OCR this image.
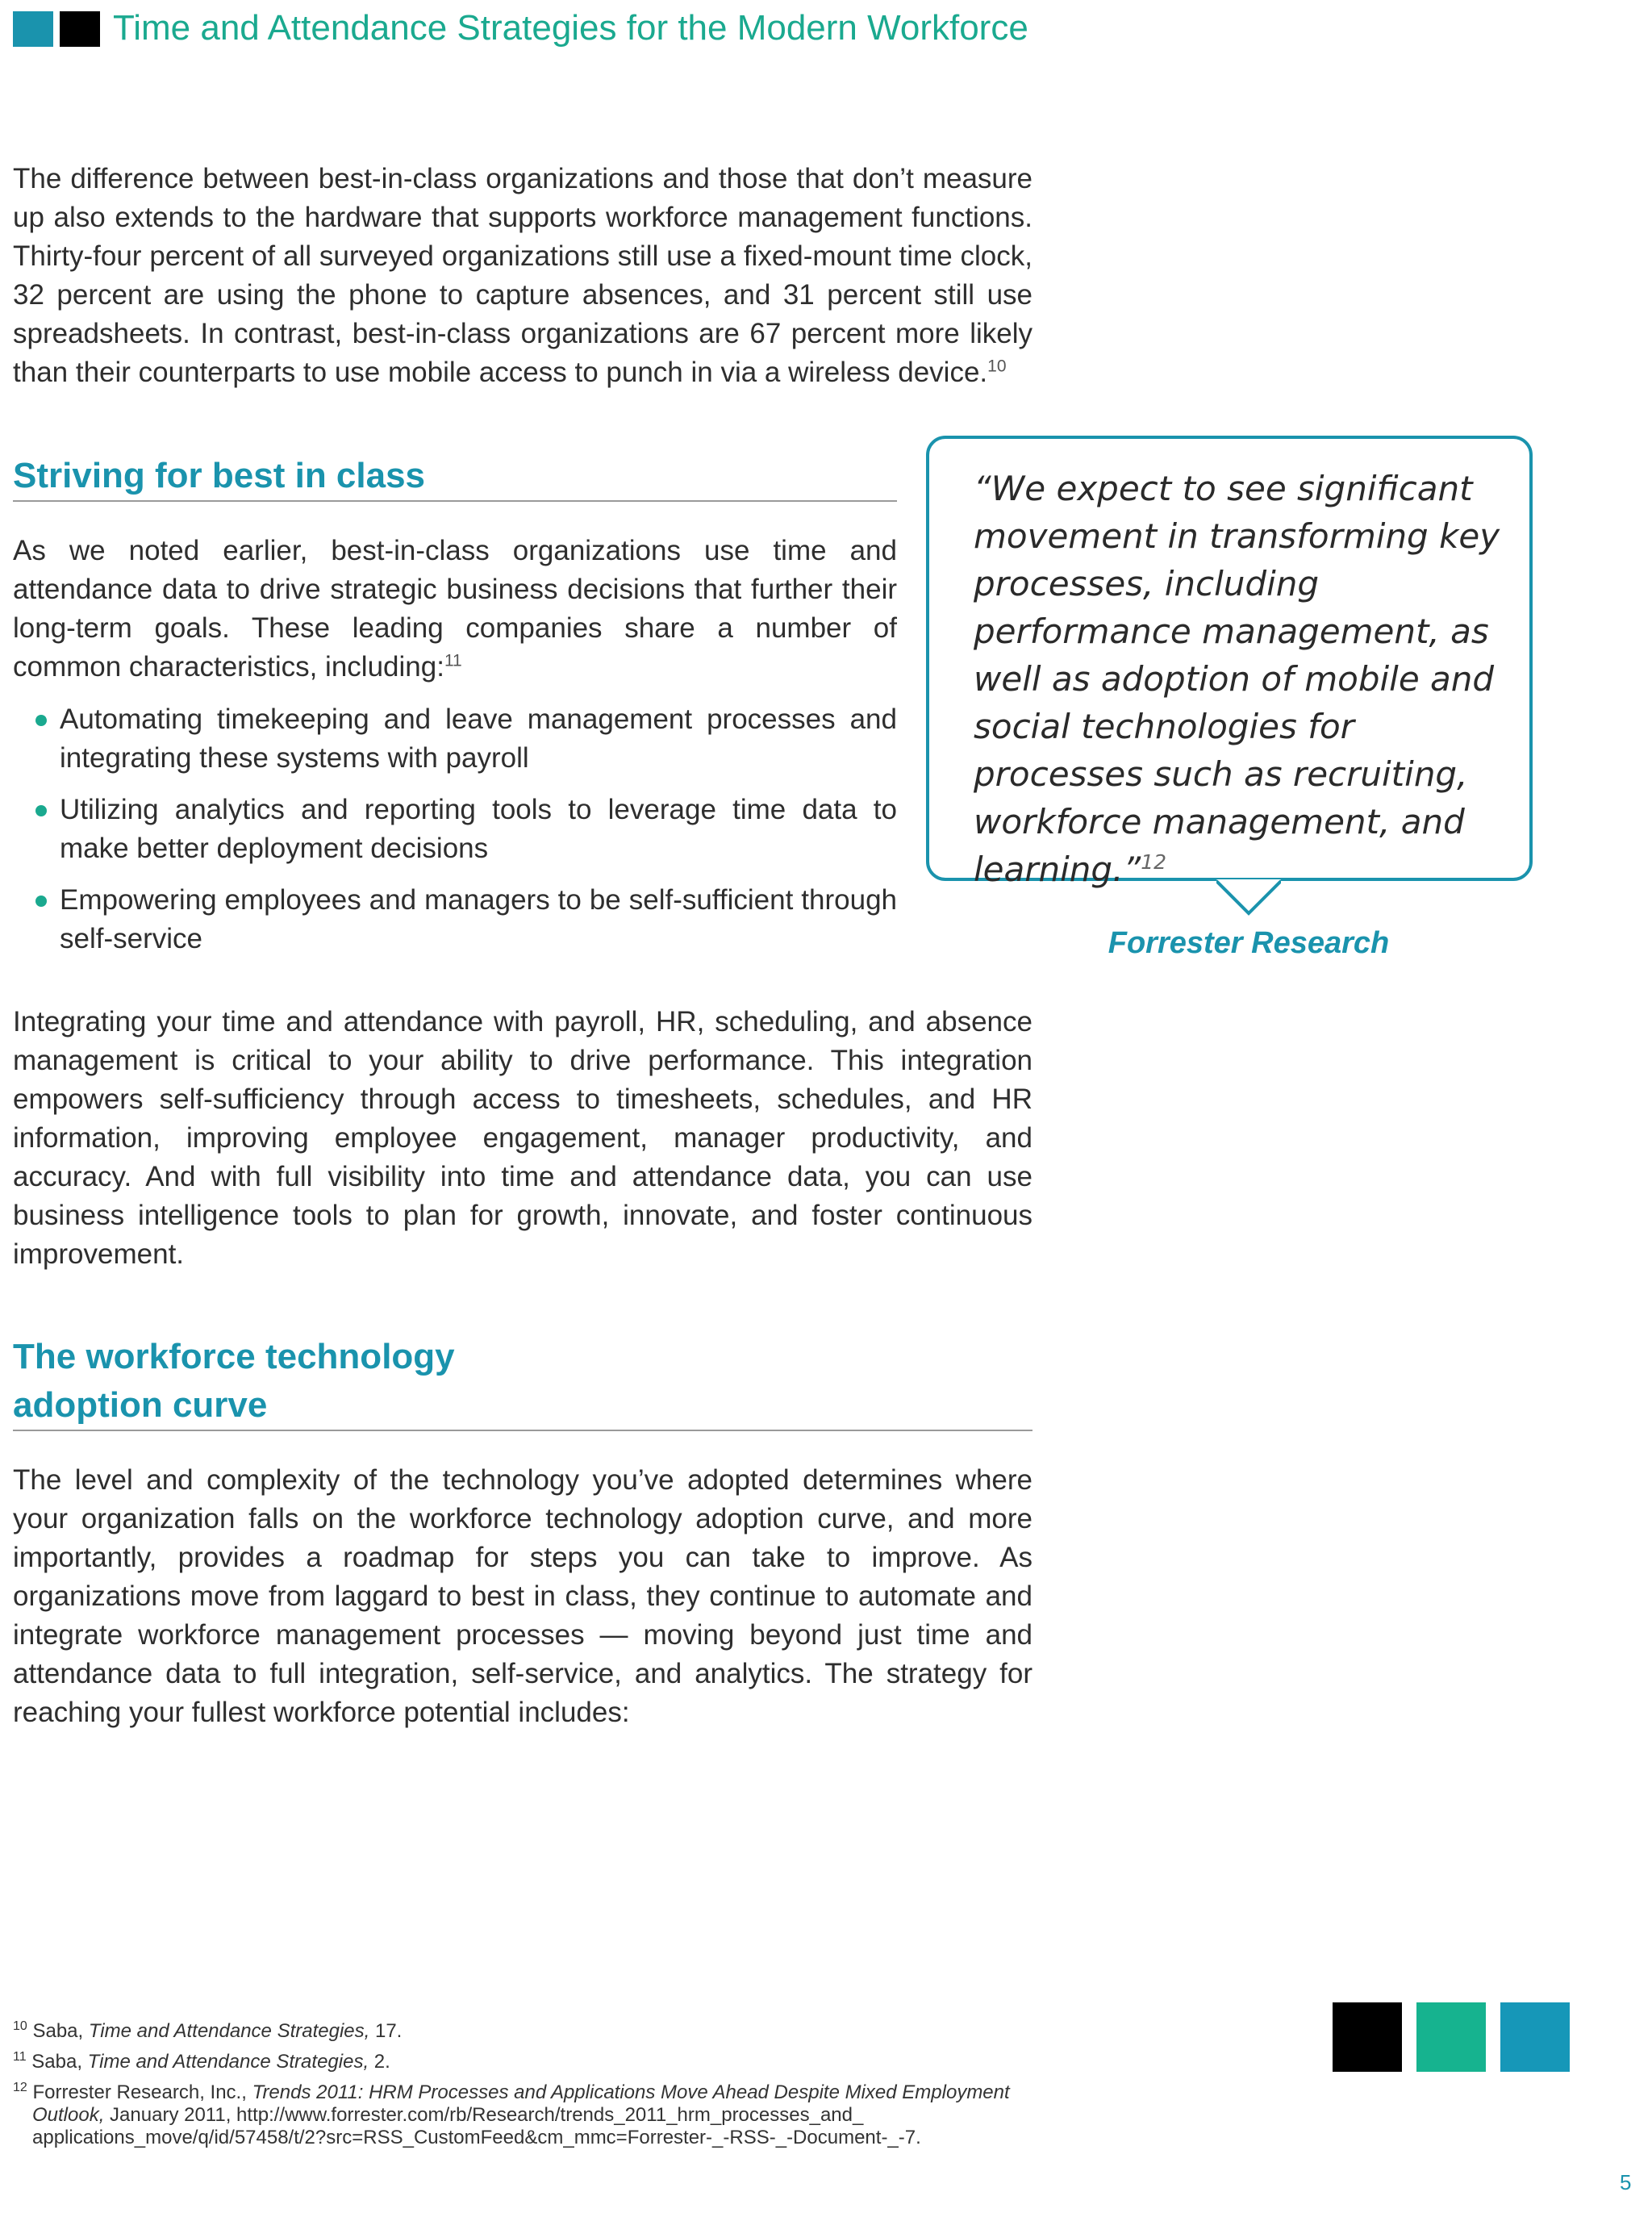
Time and Attendance Strategies for the Modern Workforce

The difference between best-in-class organizations and those that don’t measure up also extends to the hardware that supports workforce management functions. Thirty-four percent of all surveyed organizations still use a fixed-mount time clock, 32 percent are using the phone to capture absences, and 31 percent still use spreadsheets. In contrast, best-in-class organizations are 67 percent more likely than their counterparts to use mobile access to punch in via a wireless device.$^{10}$

Striving for best in class

As we noted earlier, best-in-class organizations use time and attendance data to drive strategic business decisions that further their long-term goals. These leading companies share a number of common characteristics, including:$^{11}$

Automating timekeeping and leave management processes and integrating these systems with payroll
Utilizing analytics and reporting tools to leverage time data to make better deployment decisions
Empowering employees and managers to be self-sufficient through self-service

Integrating your time and attendance with payroll, HR, scheduling, and absence management is critical to your ability to drive performance. This integration empowers self-sufficiency through access to timesheets, schedules, and HR information, improving employee engagement, manager productivity, and accuracy. And with full visibility into time and attendance data, you can use business intelligence tools to plan for growth, innovate, and foster continuous improvement.

“We expect to see significant movement in transforming key processes, including performance management, as well as adoption of mobile and social technologies for processes such as recruiting, workforce management, and learning.”$^{12}$
Forrester Research
The workforce technology
adoption curve

The level and complexity of the technology you’ve adopted determines where your organization falls on the workforce technology adoption curve, and more importantly, provides a roadmap for steps you can take to improve. As organizations move from laggard to best in class, they continue to automate and integrate workforce management processes — moving beyond just time and attendance data to full integration, self-service, and analytics. The strategy for reaching your fullest workforce potential includes:

$^{10}$ Saba, Time and Attendance Strategies, 17.
$^{11}$ Saba, Time and Attendance Strategies, 2.
$^{12}$ Forrester Research, Inc., Trends 2011: HRM Processes and Applications Move Ahead Despite Mixed Employment
Outlook, January 2011, http://www.forrester.com/rb/Research/trends_2011_hrm_processes_and_
applications_move/q/id/57458/t/2?src=RSS_CustomFeed&cm_mmc=Forrester-_-RSS-_-Document-_-7.
5
